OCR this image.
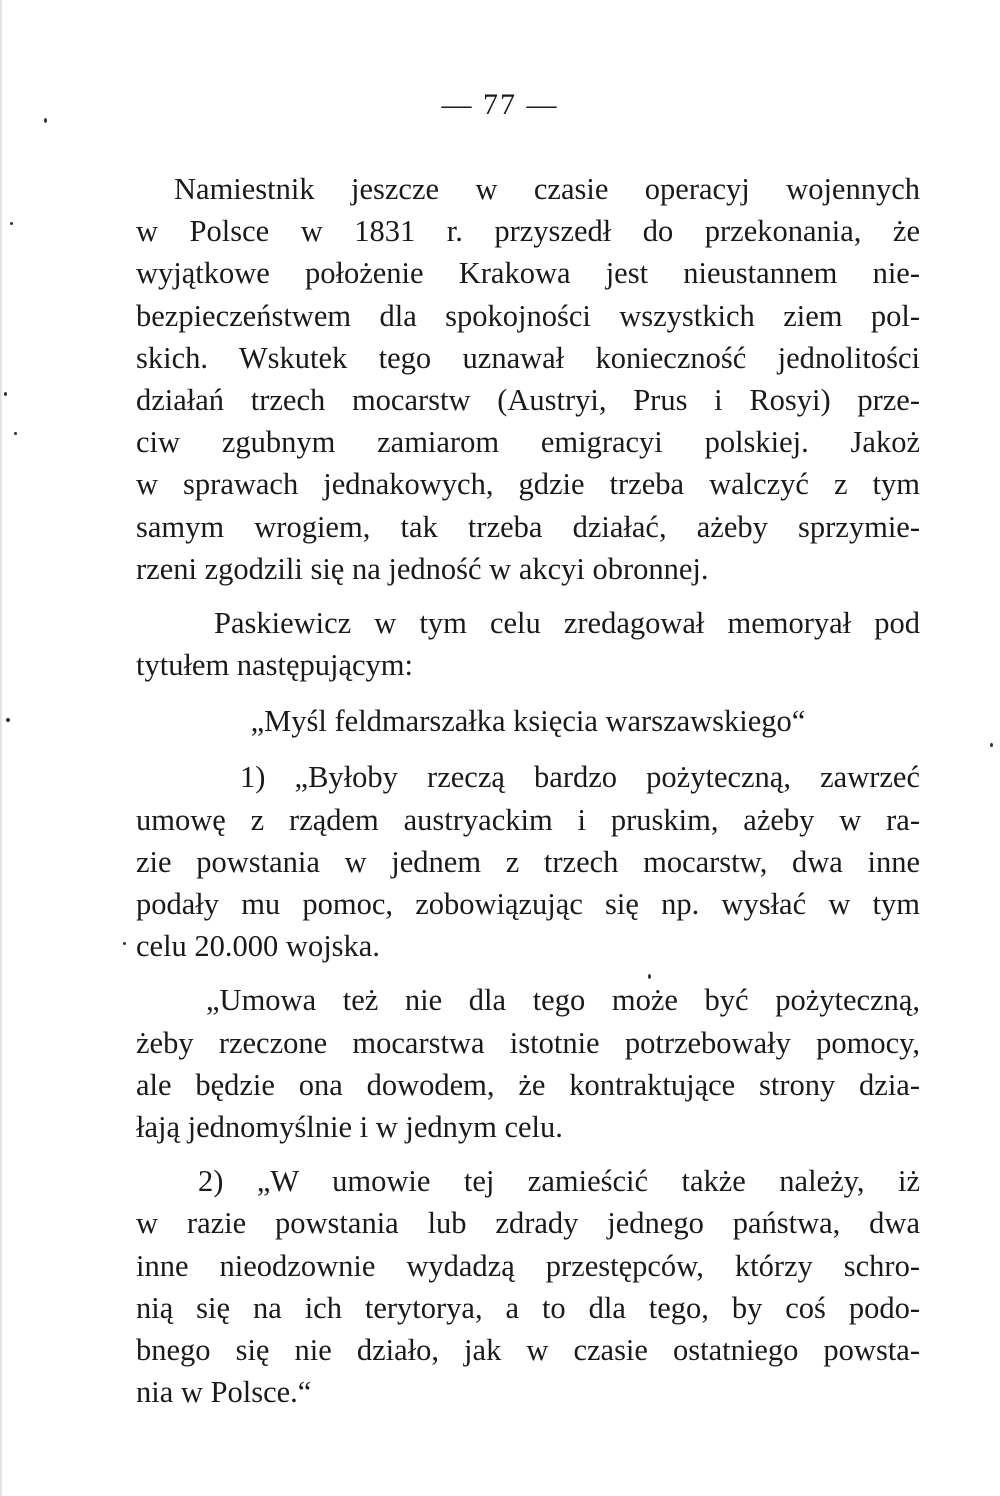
— 77 —
Namiestnik jeszcze w czasie operacyj wojennych
w Polsce w 1831 r. przyszedł do przekonania, że
wyjątkowe położenie Krakowa jest nieustannem nie-
bezpieczeństwem dla spokojności wszystkich ziem pol-
skich. Wskutek tego uznawał konieczność jednolitości
działań trzech mocarstw (Austryi, Prus i Rosyi) prze-
ciw zgubnym zamiarom emigracyi polskiej. Jakoż
w sprawach jednakowych, gdzie trzeba walczyć z tym
samym wrogiem, tak trzeba działać, ażeby sprzymie-
rzeni zgodzili się na jedność w akcyi obronnej.
Paskiewicz w tym celu zredagował memoryał pod
tytułem następującym:
„Myśl feldmarszałka księcia warszawskiego“
1) „Byłoby rzeczą bardzo pożyteczną, zawrzeć
umowę z rządem austryackim i pruskim, ażeby w ra-
zie powstania w jednem z trzech mocarstw, dwa inne
podały mu pomoc, zobowiązując się np. wysłać w tym
celu 20.000 wojska.
„Umowa też nie dla tego może być pożyteczną,
żeby rzeczone mocarstwa istotnie potrzebowały pomocy,
ale będzie ona dowodem, że kontraktujące strony dzia-
łają jednomyślnie i w jednym celu.
2) „W umowie tej zamieścić także należy, iż
w razie powstania lub zdrady jednego państwa, dwa
inne nieodzownie wydadzą przestępców, którzy schro-
nią się na ich terytorya, a to dla tego, by coś podo-
bnego się nie działo, jak w czasie ostatniego powsta-
nia w Polsce.“
